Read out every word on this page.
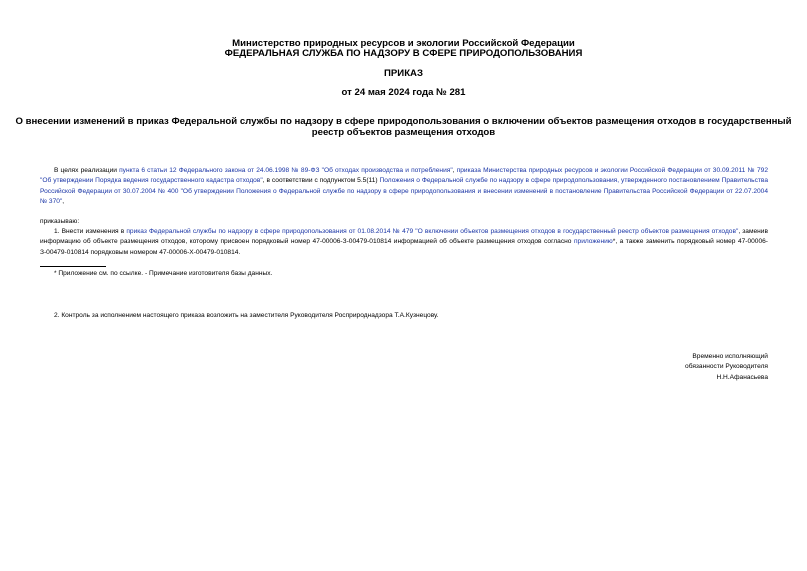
Министерство природных ресурсов и экологии Российской Федерации
ФЕДЕРАЛЬНАЯ СЛУЖБА ПО НАДЗОРУ В СФЕРЕ ПРИРОДОПОЛЬЗОВАНИЯ
ПРИКАЗ
от 24 мая 2024 года № 281
О внесении изменений в приказ Федеральной службы по надзору в сфере природопользования о включении объектов размещения отходов в государственный
реестр объектов размещения отходов
В целях реализации пункта 6 статьи 12 Федерального закона от 24.06.1998 № 89-ФЗ "Об отходах производства и потребления", приказа Министерства природных ресурсов и экологии Российской Федерации от 30.09.2011 № 792 "Об утверждении Порядка ведения государственного кадастра отходов", в соответствии с подпунктом 5.5(11) Положения о Федеральной службе по надзору в сфере природопользования, утвержденного постановлением Правительства Российской Федерации от 30.07.2004 № 400 "Об утверждении Положения о Федеральной службе по надзору в сфере природопользования и внесении изменений в постановление Правительства Российской Федерации от 22.07.2004 № 370",
приказываю:
1. Внести изменения в приказ Федеральной службы по надзору в сфере природопользования от 01.08.2014 № 479 "О включении объектов размещения отходов в государственный реестр объектов размещения отходов", заменив информацию об объекте размещения отходов, которому присвоен порядковый номер 47-00006-З-00479-010814 информацией об объекте размещения отходов согласно приложению*, а также заменить порядковый номер 47-00006-З-00479-010814 порядковым номером 47-00006-Х-00479-010814.
* Приложение см. по ссылке. - Примечание изготовителя базы данных.
2. Контроль за исполнением настоящего приказа возложить на заместителя Руководителя Росприроднадзора Т.А.Кузнецову.
Временно исполняющий
обязанности Руководителя
Н.Н.Афанасьева
